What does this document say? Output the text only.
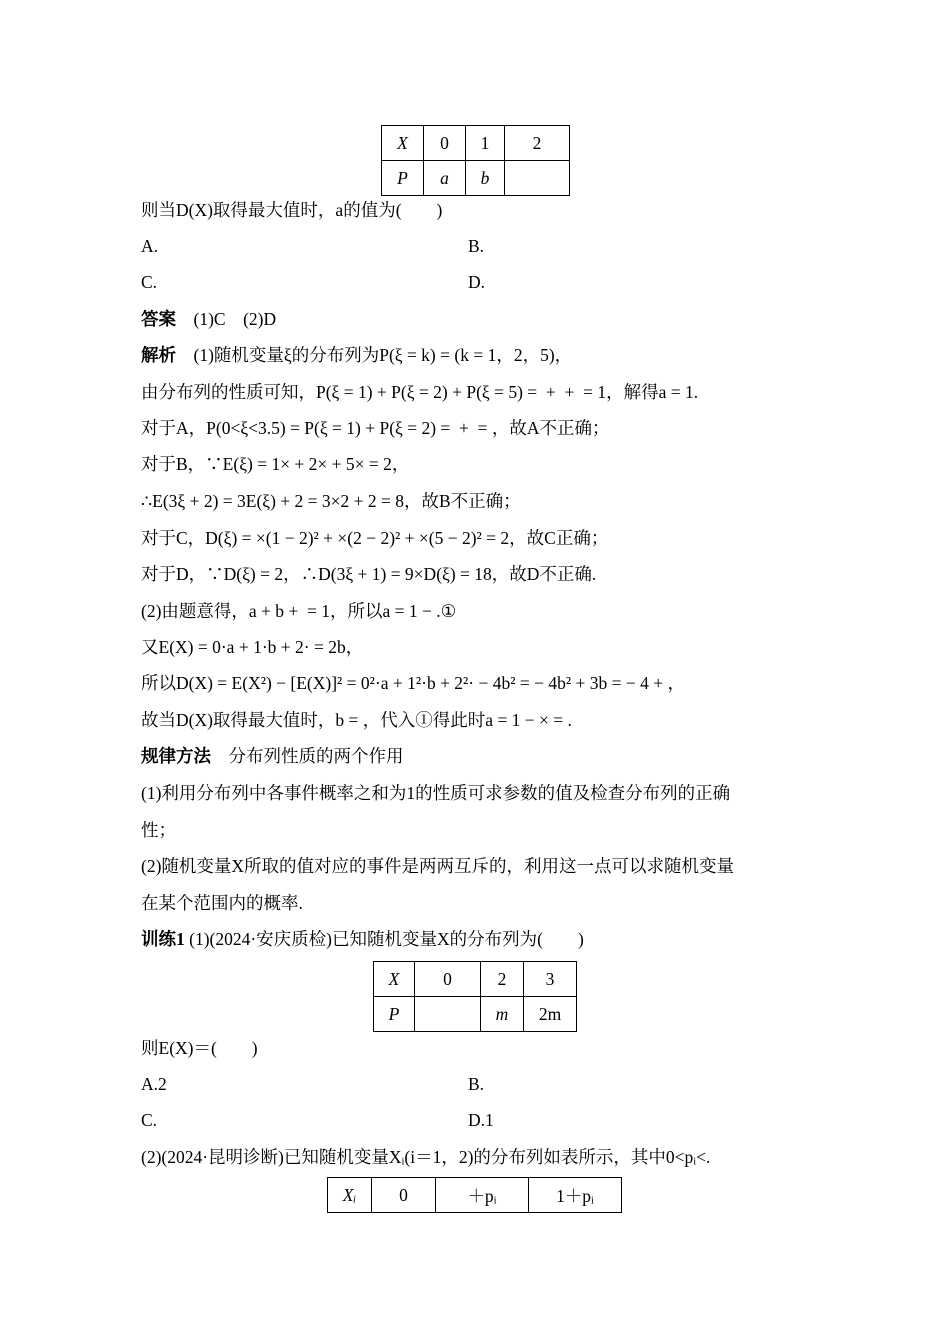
X	0	1	2
P	a	b	
则当D(X)取得最大值时，a的值为(　　)
A.	B.
C.	D.
答案　 (1)C　(2)D
解析　 (1)随机变量ξ的分布列为P(ξ = k) = (k = 1，2，5)，
由分布列的性质可知，P(ξ = 1) + P(ξ = 2) + P(ξ = 5) =  +  +  = 1，解得a = 1.
对于A，P(0<ξ<3.5) = P(ξ = 1) + P(ξ = 2) =  +  = ，故A不正确；
对于B，∵E(ξ) = 1× + 2× + 5× = 2，
∴E(3ξ + 2) = 3E(ξ) + 2 = 3×2 + 2 = 8，故B不正确；
对于C，D(ξ) = ×(1 − 2)² + ×(2 − 2)² + ×(5 − 2)² = 2，故C正确；
对于D，∵D(ξ) = 2，∴D(3ξ + 1) = 9×D(ξ) = 18，故D不正确.
(2)由题意得，a + b +  = 1，所以a = 1 − .①
又E(X) = 0·a + 1·b + 2· = 2b，
所以D(X) = E(X²) − [E(X)]² = 0²·a + 1²·b + 2²· − 4b² = − 4b² + 3b = − 4 + ，
故当D(X)取得最大值时，b = ，代入①得此时a = 1 − × = .
规律方法　 分布列性质的两个作用
(1)利用分布列中各事件概率之和为1的性质可求参数的值及检查分布列的正确
性；
(2)随机变量X所取的值对应的事件是两两互斥的，利用这一点可以求随机变量
在某个范围内的概率.
训练1 (1)(2024·安庆质检)已知随机变量X的分布列为(　　)
X	0	2	3
P		m	2m
则E(X)＝(　　)
A.2	B.
C.	D.1
(2)(2024·昆明诊断)已知随机变量Xᵢ(i＝1，2)的分布列如表所示，其中0<pᵢ<.
Xᵢ	0	＋pᵢ	1＋pᵢ
